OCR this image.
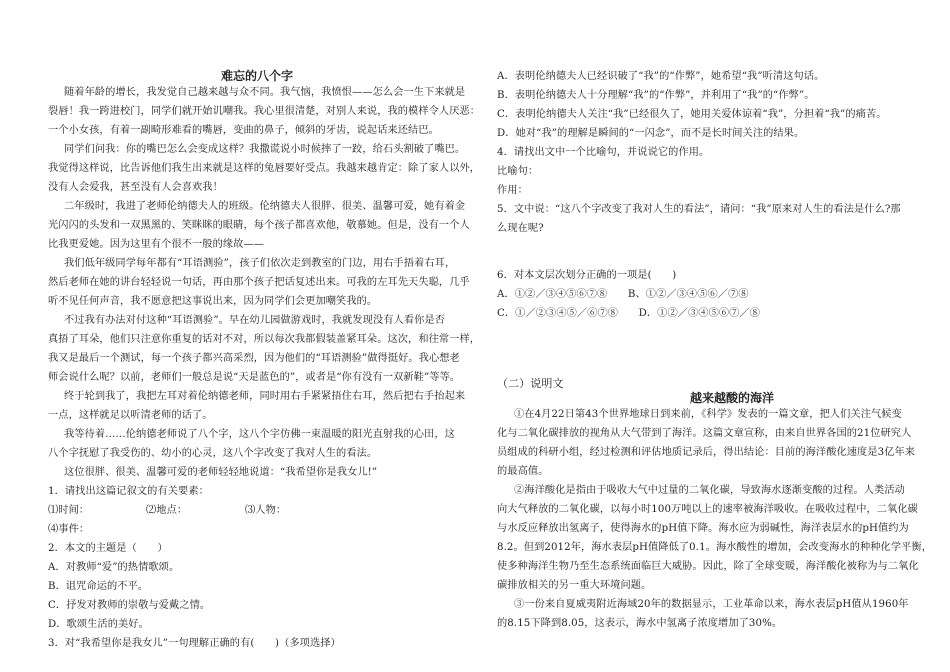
难忘的八个字
随着年龄的增长，我发觉自己越来越与众不同。我气恼，我愤恨——怎么会一生下来就是
裂唇！我一跨进校门，同学们就开始讥嘲我。我心里很清楚，对别人来说，我的模样令人厌恶：
一个小女孩，有着一副畸形难看的嘴唇，变曲的鼻子，倾斜的牙齿，说起话来还结巴。
同学们问我：你的嘴巴怎么会变成这样？我撒谎说小时候摔了一跤，给石头割破了嘴巴。
我觉得这样说，比告诉他们我生出来就是这样的兔唇要好受点。我越来越肯定：除了家人以外，
没有人会爱我，甚至没有人会喜欢我！
二年级时，我进了老师伦纳德夫人的班级。伦纳德夫人很胖、很美、温馨可爱，她有着金
光闪闪的头发和一双黑黑的、笑眯眯的眼睛，每个孩子都喜欢他，敬慕她。但是，没有一个人
比我更爱她。因为这里有个很不一般的缘故——
我们低年级同学每年都有“耳语测验”，孩子们依次走到教室的门边，用右手捂着右耳，
然后老师在她的讲台轻轻说一句话，再由那个孩子把话复述出来。可我的左耳先天失聪，几乎
听不见任何声音，我不愿意把这事说出来，因为同学们会更加嘲笑我的。
不过我有办法对付这种“耳语测验”。早在幼儿园做游戏时，我就发现没有人看你是否
真捂了耳朵，他们只注意你重复的话对不对，所以每次我都假装盖紧耳朵。这次，和往常一样，
我又是最后一个测试，每一个孩子都兴高采烈，因为他们的“耳语测验”做得挺好。我心想老
师会说什么呢？以前，老师们一般总是说“天是蓝色的”，或者是“你有没有一双新鞋”等等。
终于轮到我了，我把左耳对着伦纳德老师，同时用右手紧紧捂住右耳，然后把右手抬起来
一点，这样就足以听清老师的话了。
我等待着……伦纳德老师说了八个字，这八个字仿佛一束温暖的阳光直射我的心田，这
八个字抚慰了我受伤的、幼小的心灵，这八个字改变了我对人生的看法。
这位很胖、很美、温馨可爱的老师轻轻地说道：“我希望你是我女儿!”
1．请找出这篇记叙文的有关要素：
⑴时间：	⑵地点：	⑶人物：
⑷事件：
2．本文的主题是（　　）
A．对教师“爱”的热情歌颂。
B．诅咒命运的不平。
C．抒发对教师的崇敬与爱戴之情。
D．歌颂生活的美好。
3．对“我希望你是我女儿”一句理解正确的有(　　)（多项选择）
A．表明伦纳德夫人已经识破了“我”的“作弊”，她希望“我”听清这句话。
B．表明伦纳德夫人十分理解“我”的“作弊”，并利用了“我”的“作弊”。
C．表明伦纳德夫人关注“我”已经很久了，她用关爱体谅着“我”，分担着“我”的痛苦。
D．她对“我”的理解是瞬间的“一闪念”，而不是长时间关注的结果。
4．请找出文中一个比喻句，并说说它的作用。
比喻句：
作用：
5．文中说：“这八个字改变了我对人生的看法”，请问：“我”原来对人生的看法是什么?那
么现在呢?
6．对本文层次划分正确的一项是(　　)
A．①②／③④⑤⑥⑦⑧　　B、①②／③④⑤⑥／⑦⑧
C．①／②③④⑤／⑥⑦⑧　　D．①②／③④⑤⑥⑦／⑧
（二）说明文
①在4月22日第43个世界地球日到来前，《科学》发表的一篇文章，把人们关注气候变
化与二氧化碳排放的视角从大气带到了海洋。这篇文章宣称，由来自世界各国的21位研究人
员组成的科研小组，经过检测和评估地质记录后，得出结论：目前的海洋酸化速度是3亿年来
的最高值。
②海洋酸化是指由于吸收大气中过量的二氧化碳，导致海水逐渐变酸的过程。人类活动
向大气释放的二氧化碳，以每小时100万吨以上的速率被海洋吸收。在吸收过程中，二氧化碳
与水反应释放出氢离子，使得海水的pH值下降。海水应为弱碱性，海洋表层水的pH值约为
8.2。但到2012年，海水表层pH值降低了0.1。海水酸性的增加，会改变海水的种种化学平衡，
使多种海洋生物乃至生态系统面临巨大威胁。因此，除了全球变暖，海洋酸化被称为与二氧化
碳排放相关的另一重大环境问题。
③一份来自夏威夷附近海域20年的数据显示，工业革命以来，海水表层pH值从1960年
的8.15下降到8.05，这表示，海水中氢离子浓度增加了30%。
越来越酸的海洋
